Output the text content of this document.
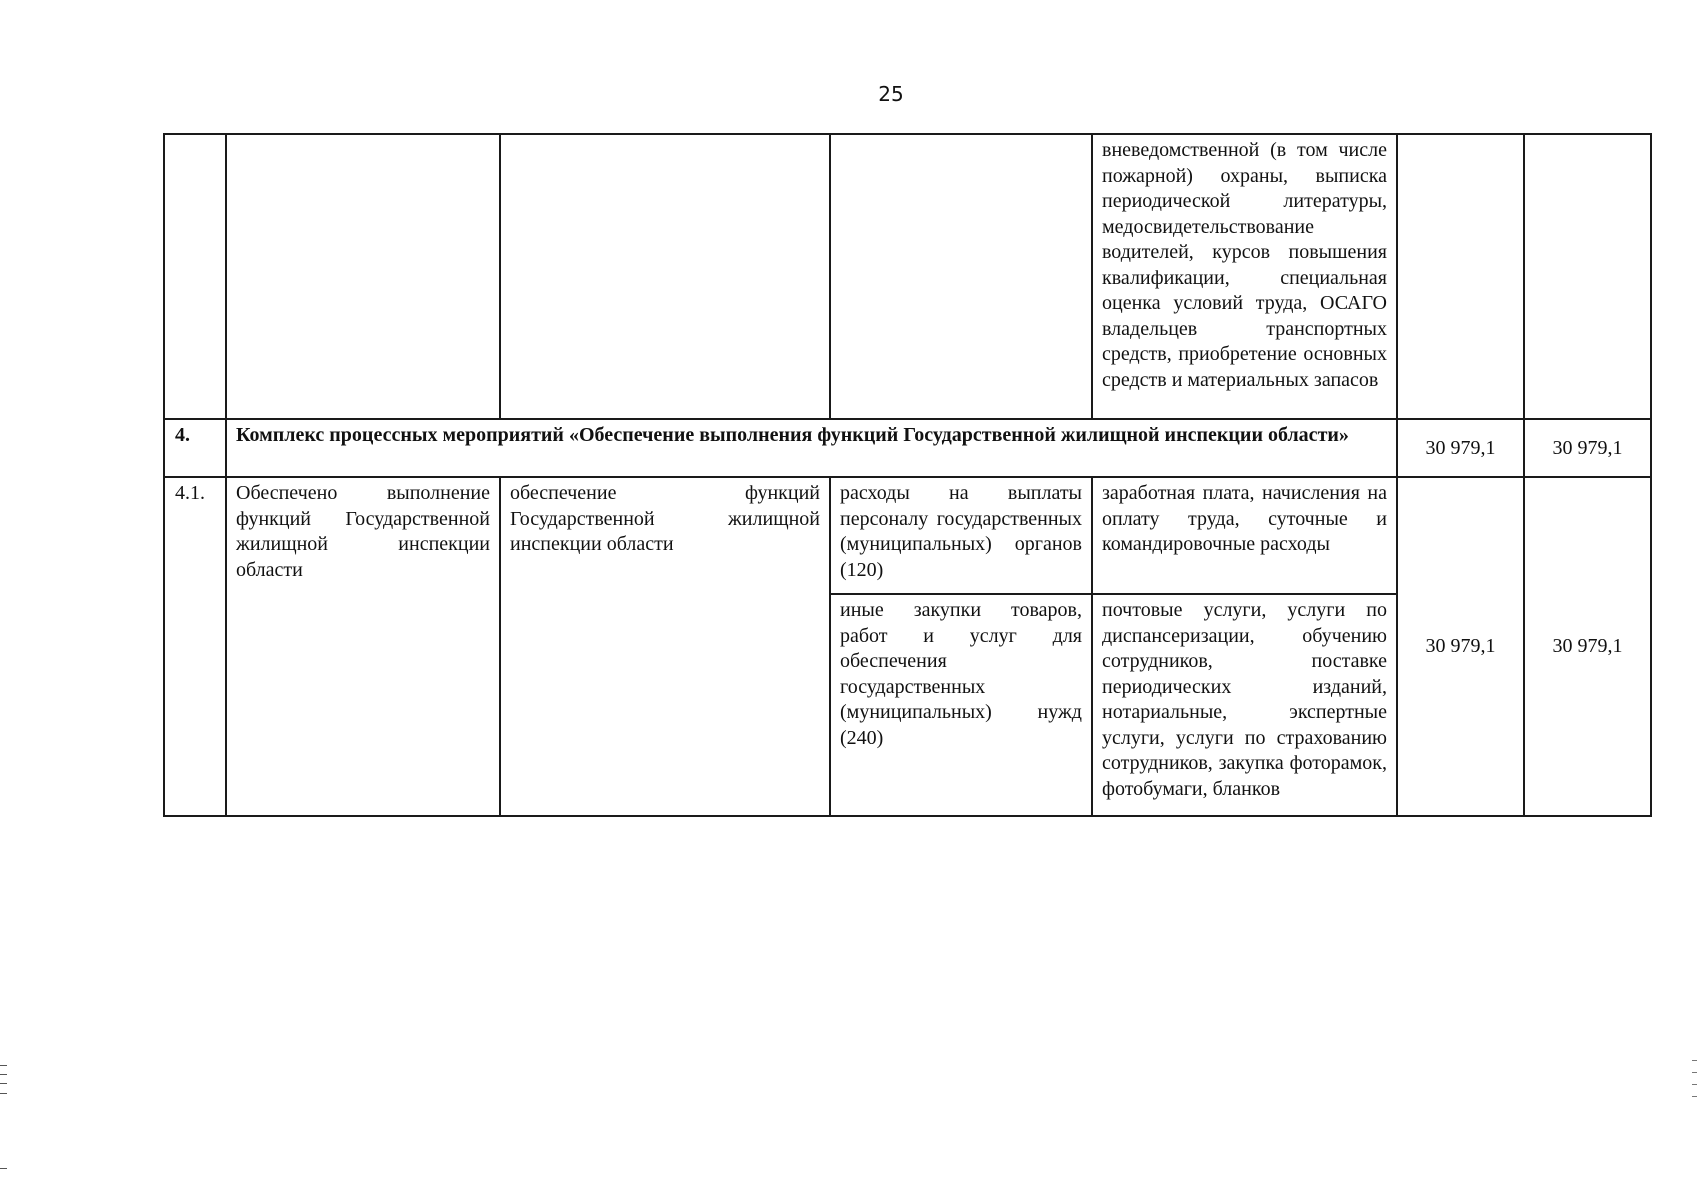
25
				вневедомственной (в том числе пожарной) охраны, выписка периодической литературы, медосвидетельствование водителей, курсов повышения квалификации, специальная оценка условий труда, ОСАГО владельцев транспортных средств, приобретение основных средств и материальных запасов		
4.	Комплекс процессных мероприятий «Обеспечение выполнения функций Государственной жилищной инспекции области»				30 979,1	30 979,1
4.1.	Обеспечено выполнение функций Государственной жилищной инспекции области	обеспечение функций Государственной жилищной инспекции области	расходы на выплаты персоналу государственных (муниципальных) органов (120)	заработная плата, начисления на оплату труда, суточные и командировочные расходы	30 979,1	30 979,1
			иные закупки товаров, работ и услуг для обеспечения государственных (муниципальных) нужд (240)	почтовые услуги, услуги по диспансеризации, обучению сотрудников, поставке периодических изданий, нотариальные, экспертные услуги, услуги по страхованию сотрудников, закупка фоторамок, фотобумаги, бланков		
